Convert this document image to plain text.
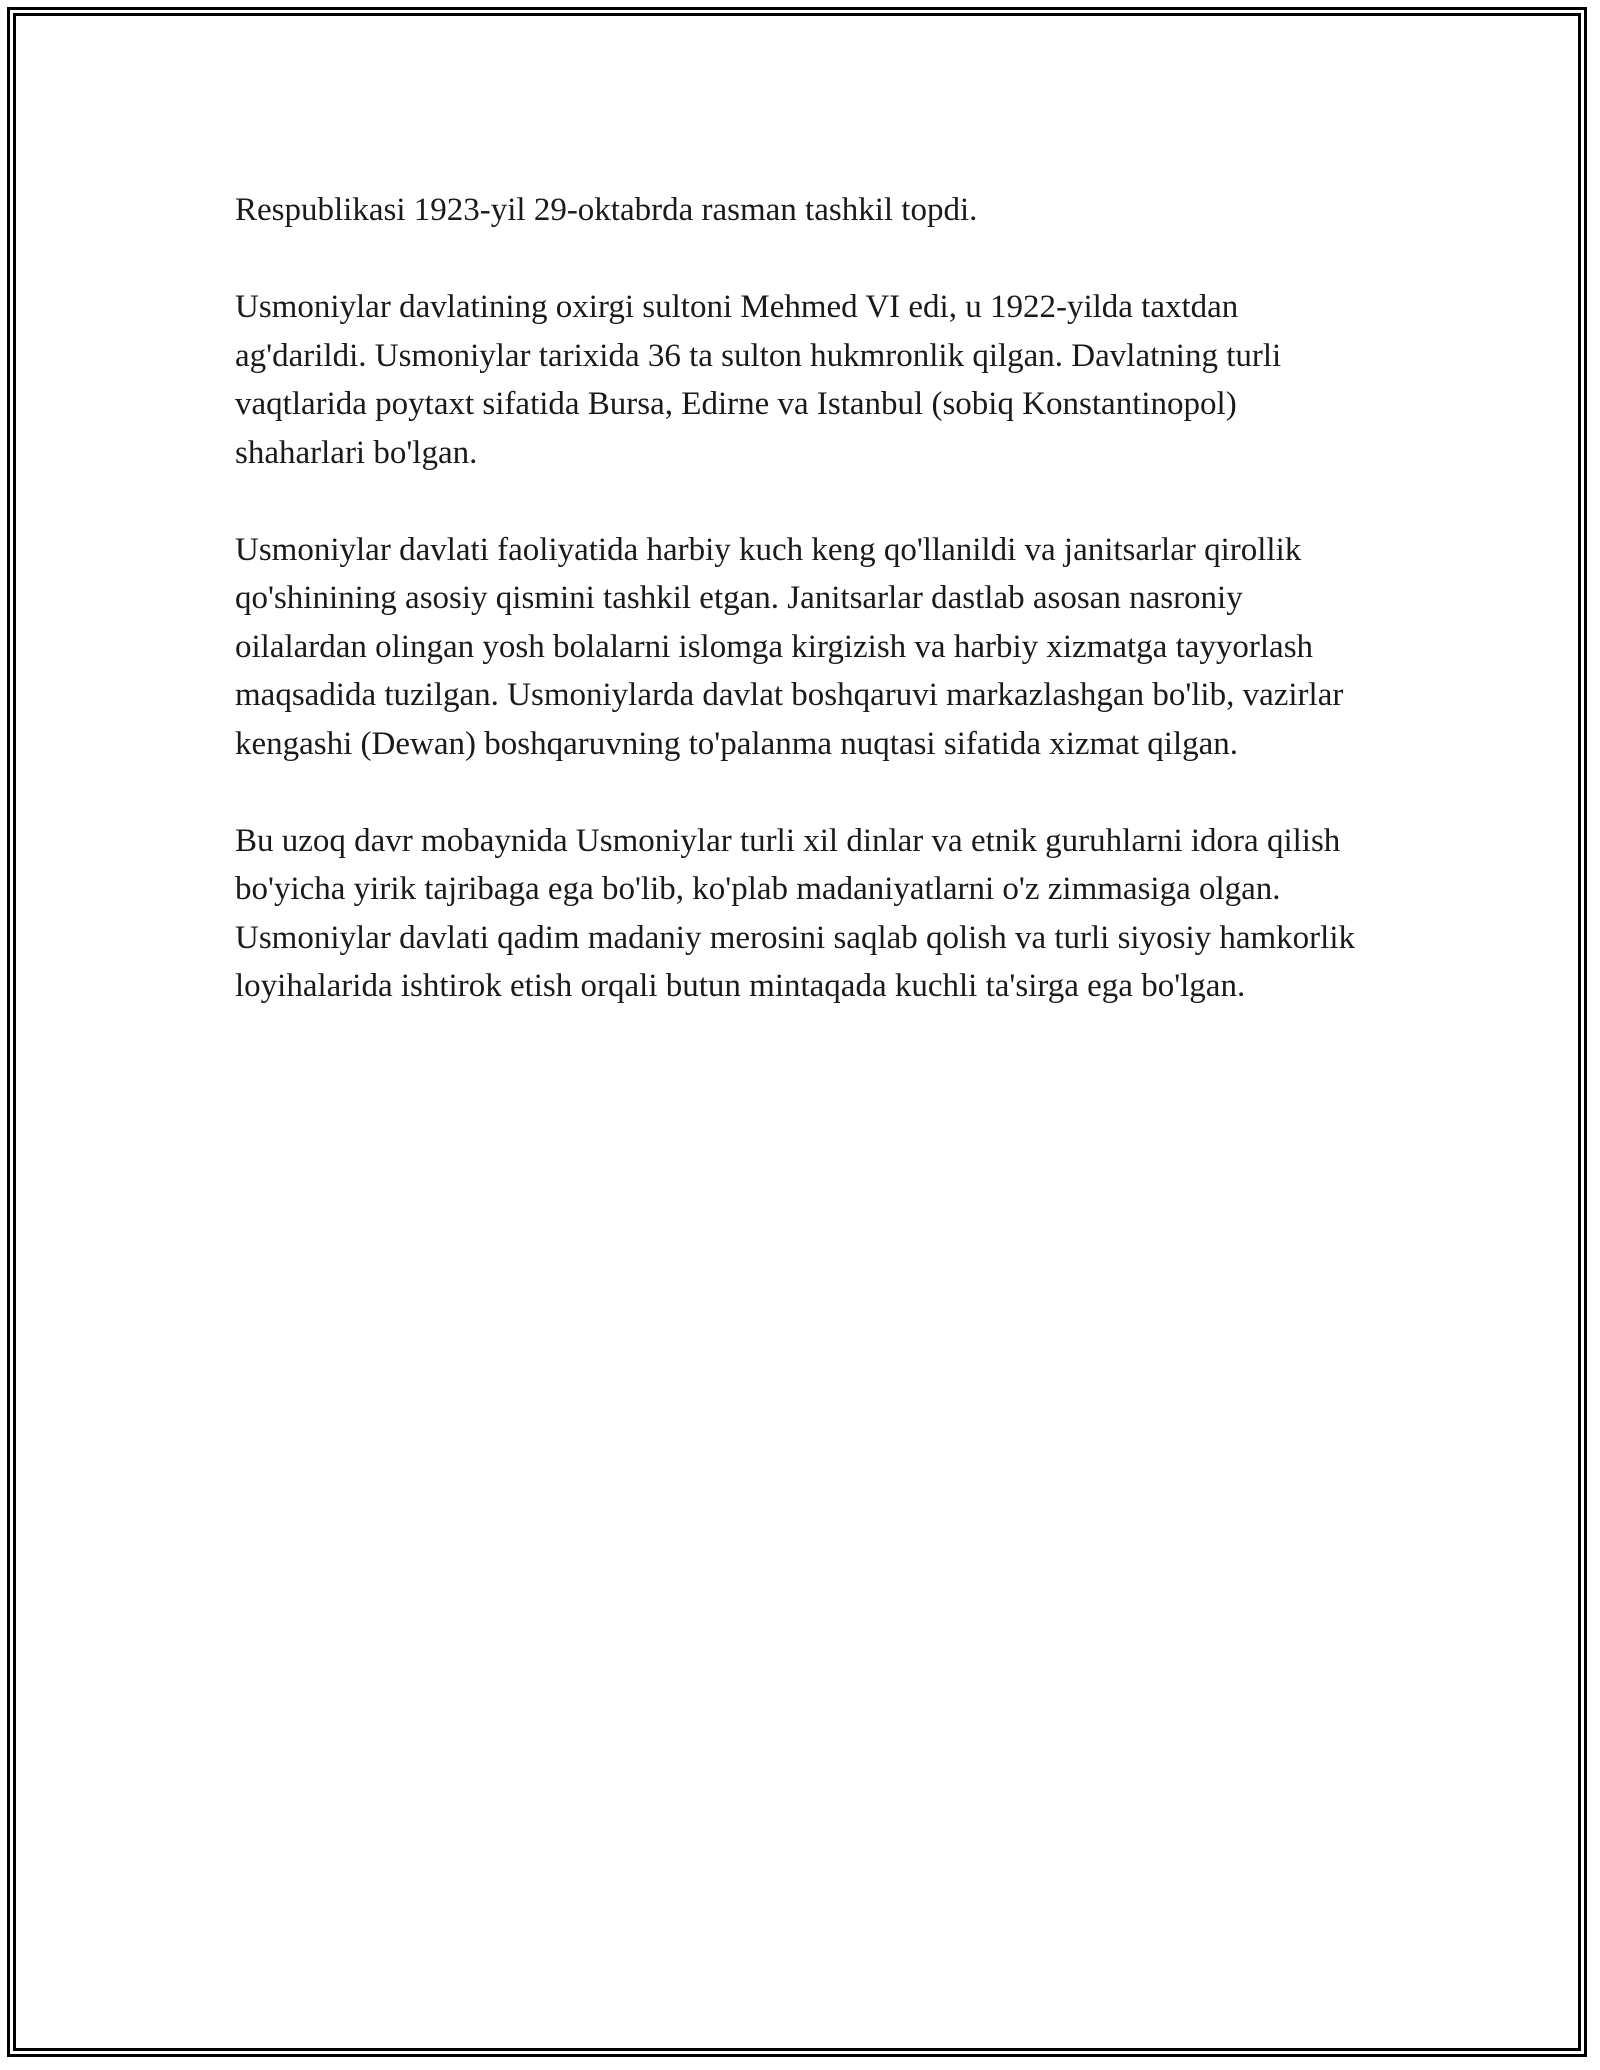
Respublikasi 1923-yil 29-oktabrda rasman tashkil topdi.

Usmoniylar davlatining oxirgi sultoni Mehmed VI edi, u 1922-yilda taxtdan ag'darildi. Usmoniylar tarixida 36 ta sulton hukmronlik qilgan. Davlatning turli vaqtlarida poytaxt sifatida Bursa, Edirne va Istanbul (sobiq Konstantinopol) shaharlari bo'lgan.

Usmoniylar davlati faoliyatida harbiy kuch keng qo'llanildi va janitsarlar qirollik qo'shinining asosiy qismini tashkil etgan. Janitsarlar dastlab asosan nasroniy oilalardan olingan yosh bolalarni islomga kirgizish va harbiy xizmatga tayyorlash maqsadida tuzilgan. Usmoniylarda davlat boshqaruvi markazlashgan bo'lib, vazirlar kengashi (Dewan) boshqaruvning to'palanma nuqtasi sifatida xizmat qilgan.

Bu uzoq davr mobaynida Usmoniylar turli xil dinlar va etnik guruhlarni idora qilish bo'yicha yirik tajribaga ega bo'lib, ko'plab madaniyatlarni o'z zimmasiga olgan. Usmoniylar davlati qadim madaniy merosini saqlab qolish va turli siyosiy hamkorlik loyihalarida ishtirok etish orqali butun mintaqada kuchli ta'sirga ega bo'lgan.
